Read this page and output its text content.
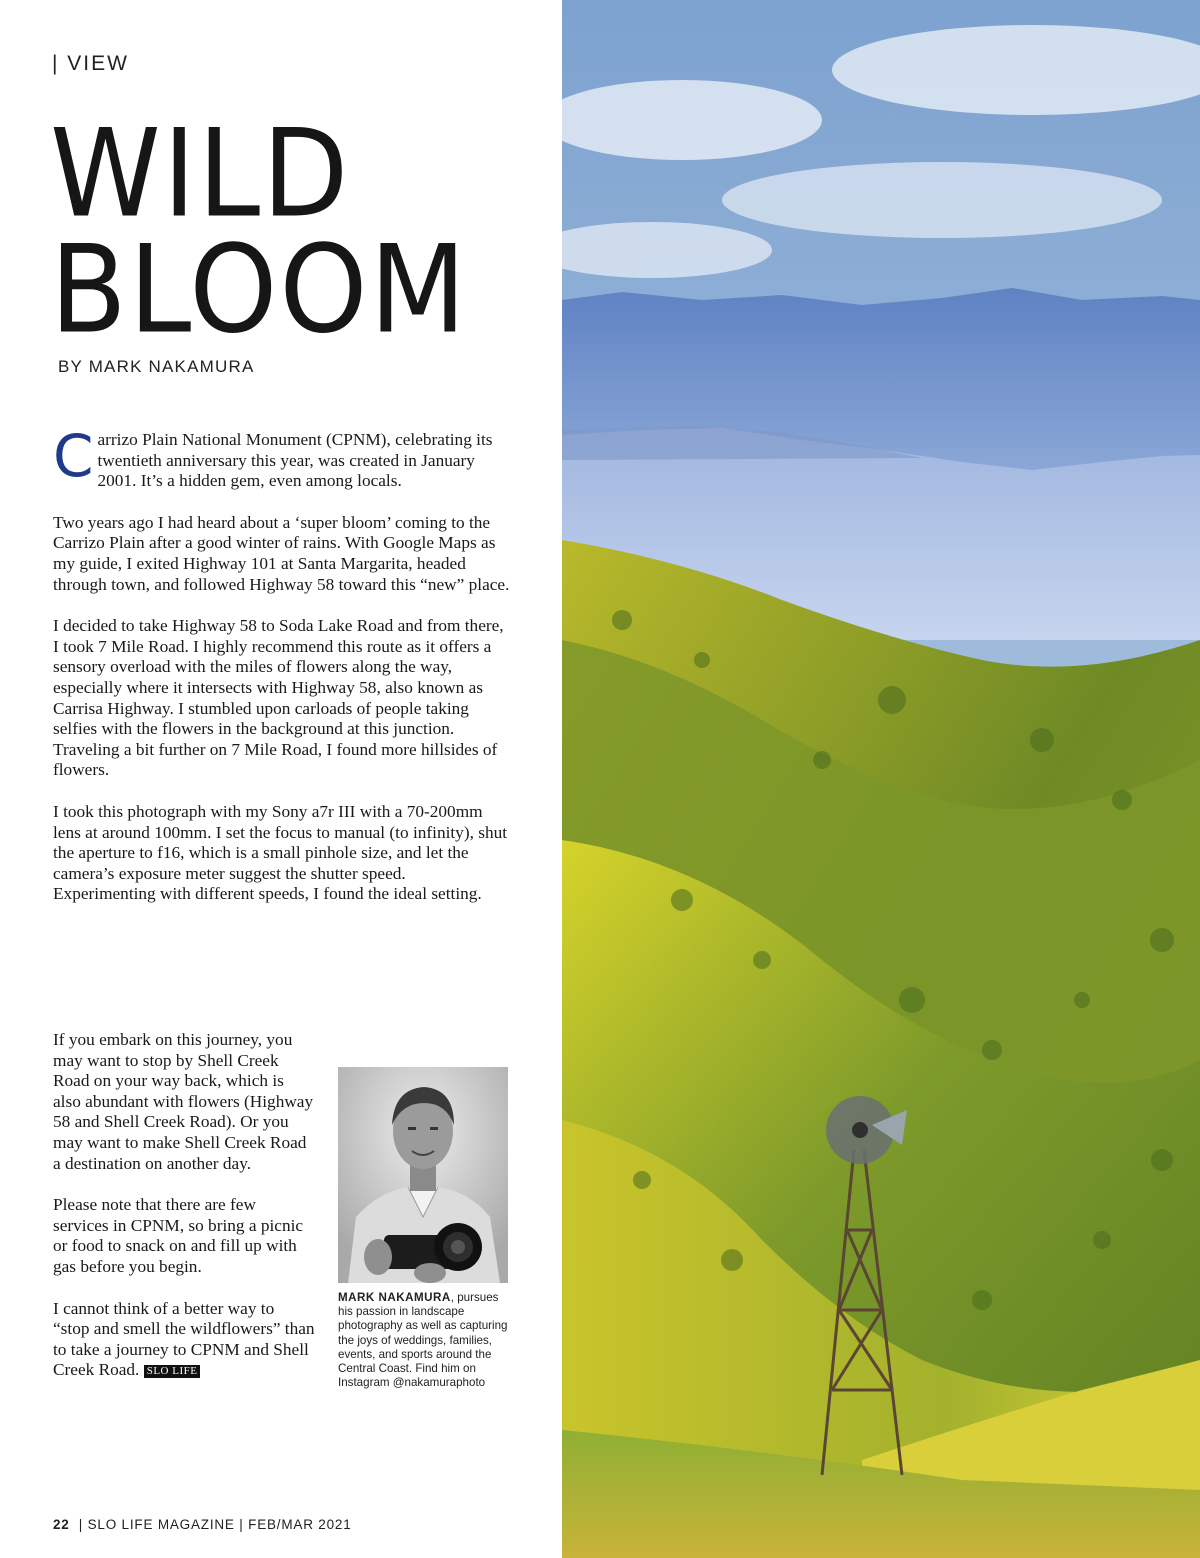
| VIEW
WILD
BLOOM
BY MARK NAKAMURA

Carrizo Plain National Monument (CPNM), celebrating its twentieth anniversary this year, was created in January 2001. It’s a hidden gem, even among locals.

Two years ago I had heard about a ‘super bloom’ coming to the Carrizo Plain after a good winter of rains. With Google Maps as my guide, I exited Highway 101 at Santa Margarita, headed through town, and followed Highway 58 toward this “new” place.

I decided to take Highway 58 to Soda Lake Road and from there, I took 7 Mile Road. I highly recommend this route as it offers a sensory overload with the miles of flowers along the way, especially where it intersects with Highway 58, also known as Carrisa Highway. I stumbled upon carloads of people taking selfies with the flowers in the background at this junction. Traveling a bit further on 7 Mile Road, I found more hillsides of flowers.

I took this photograph with my Sony a7r III with a 70-200mm lens at around 100mm. I set the focus to manual (to infinity), shut the aperture to f16, which is a small pinhole size, and let the camera’s exposure meter suggest the shutter speed. Experimenting with different speeds, I found the ideal setting.

If you embark on this journey, you may want to stop by Shell Creek Road on your way back, which is also abundant with flowers (Highway 58 and Shell Creek Road). Or you may want to make Shell Creek Road a destination on another day.

Please note that there are few services in CPNM, so bring a picnic or food to snack on and fill up with gas before you begin.

I cannot think of a better way to “stop and smell the wildflowers” than to take a journey to CPNM and Shell Creek Road. SLO LIFE

MARK NAKAMURA, pursues his passion in landscape photography as well as capturing the joys of weddings, families, events, and sports around the Central Coast. Find him on Instagram @nakamuraphoto
22 | SLO LIFE MAGAZINE | FEB/MAR 2021
